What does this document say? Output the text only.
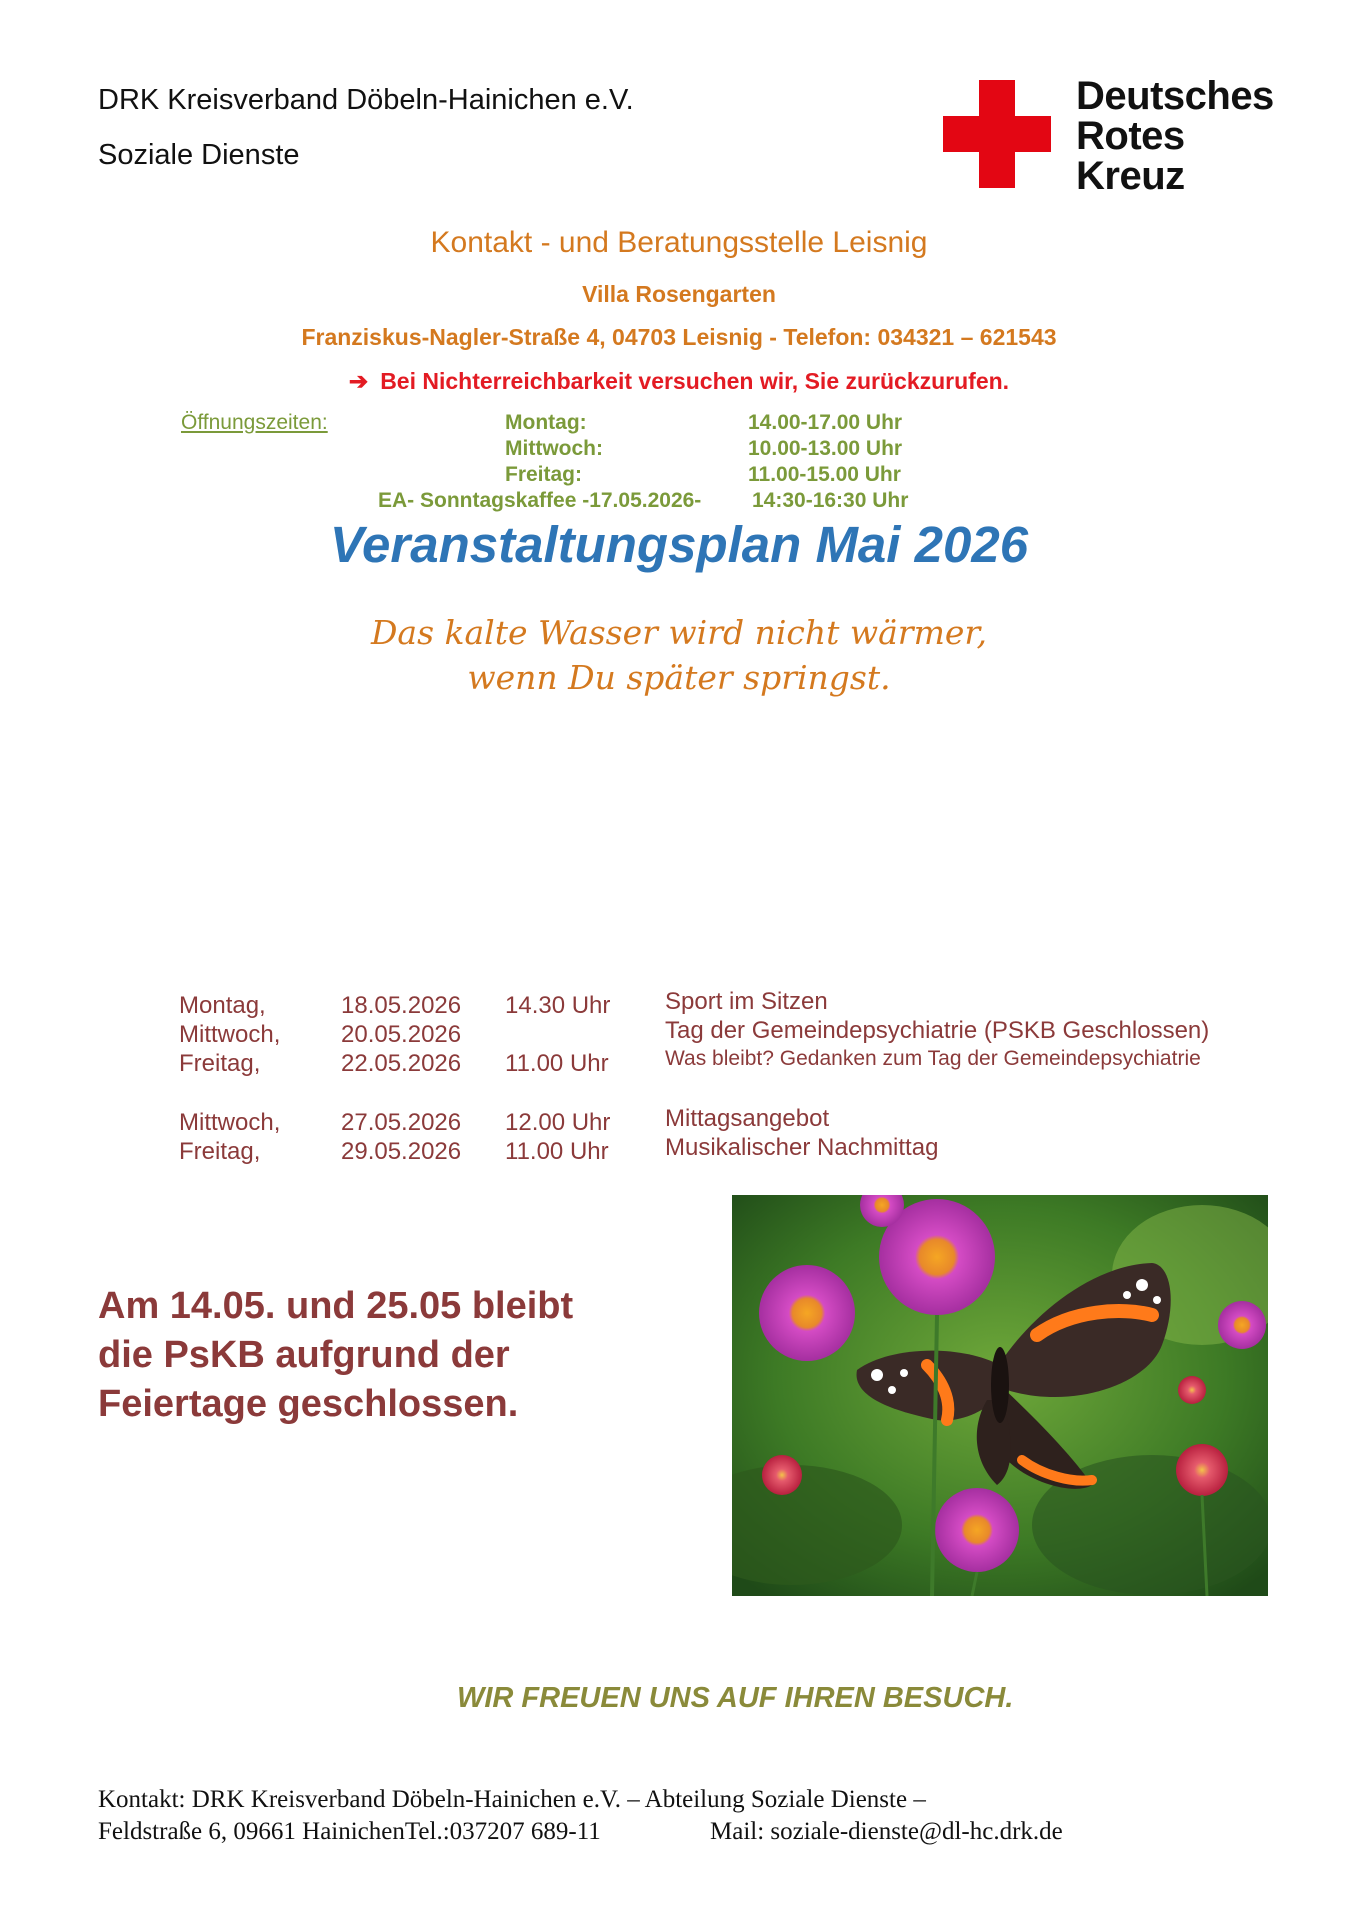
DRK Kreisverband Döbeln-Hainichen e.V.
Soziale Dienste
Deutsches
Rotes
Kreuz
Kontakt - und Beratungsstelle Leisnig
Villa Rosengarten
Franziskus-Nagler-Straße 4, 04703 Leisnig - Telefon: 034321 – 621543
➔ Bei Nichterreichbarkeit versuchen wir, Sie zurückzurufen.
Öffnungszeiten:	Montag:	14.00-17.00 Uhr
Mittwoch:	10.00-13.00 Uhr
Freitag:	11.00-15.00 Uhr
EA- Sonntagskaffee -17.05.2026- 14:30-16:30 Uhr
Veranstaltungsplan Mai 2026
Das kalte Wasser wird nicht wärmer,
wenn Du später springst.
Montag,	18.05.2026 14.30 Uhr Sport im Sitzen
Mittwoch,	20.05.2026	Tag der Gemeindepsychiatrie (PSKB Geschlossen)
Freitag,	22.05.2026 11.00 Uhr	Was bleibt? Gedanken zum Tag der Gemeindepsychiatrie
Mittwoch,	27.05.2026 12.00 Uhr Mittagsangebot
Freitag,	29.05.2026 11.00 Uhr Musikalischer Nachmittag
Am 14.05. und 25.05 bleibt
die PsKB aufgrund der
Feiertage geschlossen.
WIR FREUEN UNS AUF IHREN BESUCH.
Kontakt: DRK Kreisverband Döbeln-Hainichen e.V. – Abteilung Soziale Dienste –
Feldstraße 6, 09661 HainichenTel.:037207 689-11	Mail: soziale-dienste@dl-hc.drk.de
